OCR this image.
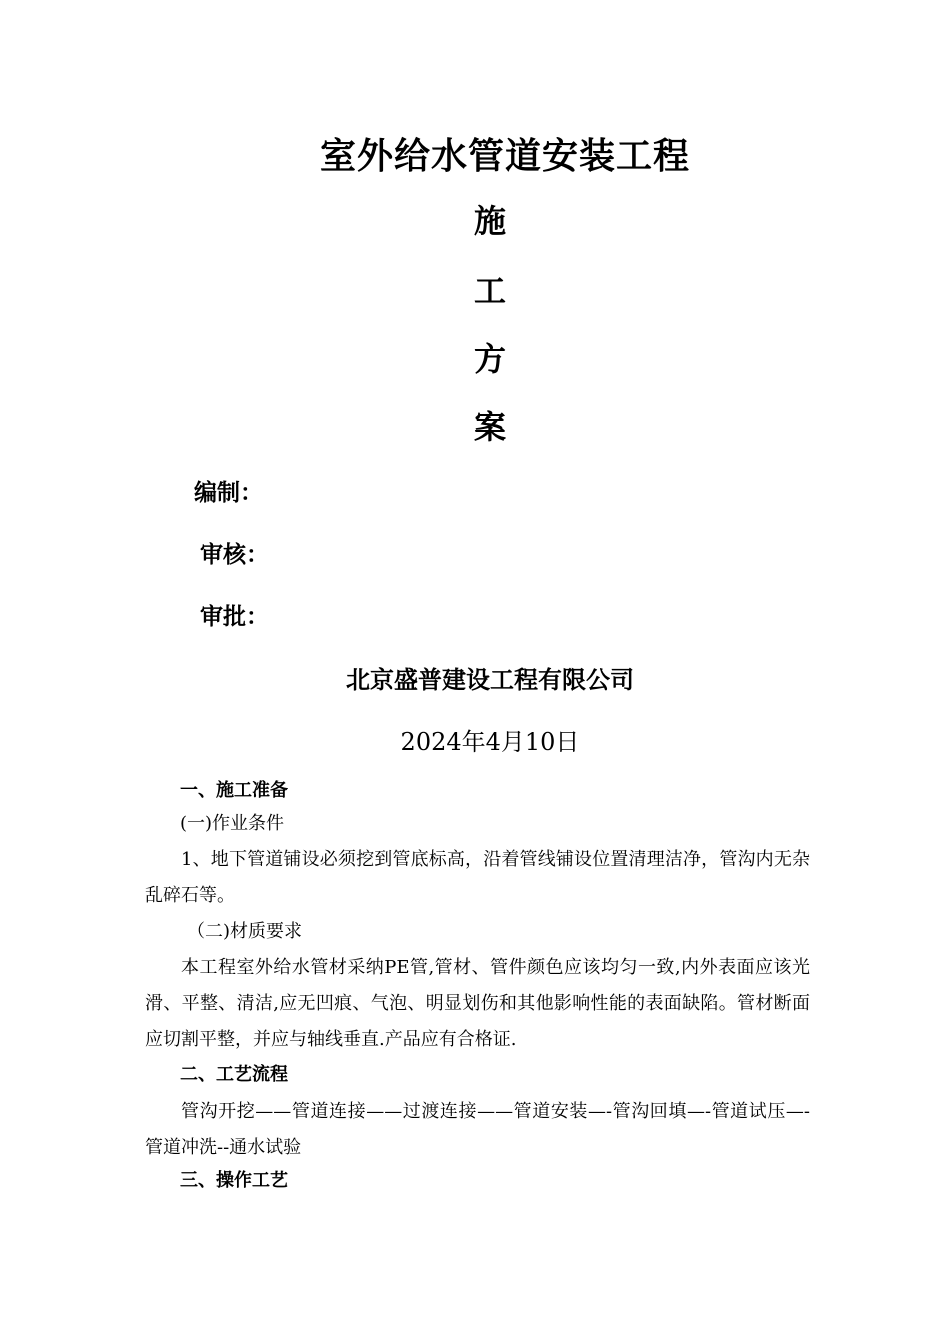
室外给水管道安装工程
施
工
方
案
编制：
审核：
审批：
北京盛普建设工程有限公司
2024年4月10日
一、施工准备
(一)作业条件
1、地下管道铺设必须挖到管底标高，沿着管线铺设位置清理洁净，管沟内无杂乱碎石等。
（二)材质要求
本工程室外给水管材采纳PE管,管材、管件颜色应该均匀一致,内外表面应该光滑、平整、清洁,应无凹痕、气泡、明显划伤和其他影响性能的表面缺陷。管材断面应切割平整，并应与轴线垂直.产品应有合格证.
二、工艺流程
管沟开挖——管道连接——过渡连接——管道安装—-管沟回填—-管道试压—-管道冲洗--通水试验
三、操作工艺
